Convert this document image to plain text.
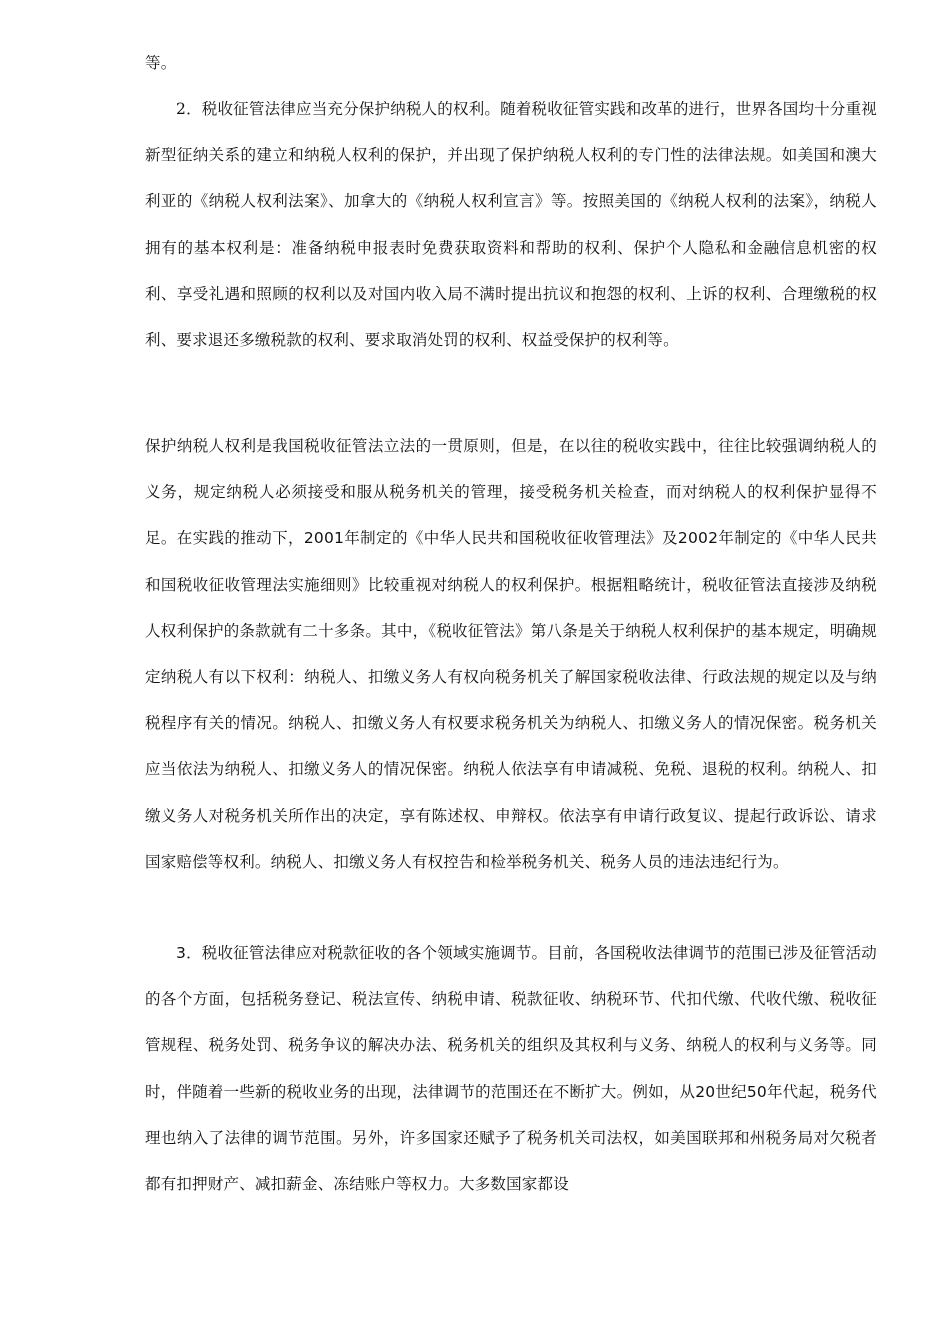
等。

2．税收征管法律应当充分保护纳税人的权利。随着税收征管实践和改革的进行，世界各国均十分重视新型征纳关系的建立和纳税人权利的保护，并出现了保护纳税人权利的专门性的法律法规。如美国和澳大利亚的《纳税人权利法案》、加拿大的《纳税人权利宣言》等。按照美国的《纳税人权利的法案》，纳税人拥有的基本权利是：准备纳税申报表时免费获取资料和帮助的权利、保护个人隐私和金融信息机密的权利、享受礼遇和照顾的权利以及对国内收入局不满时提出抗议和抱怨的权利、上诉的权利、合理缴税的权利、要求退还多缴税款的权利、要求取消处罚的权利、权益受保护的权利等。

保护纳税人权利是我国税收征管法立法的一贯原则，但是，在以往的税收实践中，往往比较强调纳税人的义务，规定纳税人必须接受和服从税务机关的管理，接受税务机关检查，而对纳税人的权利保护显得不足。在实践的推动下，2001年制定的《中华人民共和国税收征收管理法》及2002年制定的《中华人民共和国税收征收管理法实施细则》比较重视对纳税人的权利保护。根据粗略统计，税收征管法直接涉及纳税人权利保护的条款就有二十多条。其中，《税收征管法》第八条是关于纳税人权利保护的基本规定，明确规定纳税人有以下权利：纳税人、扣缴义务人有权向税务机关了解国家税收法律、行政法规的规定以及与纳税程序有关的情况。纳税人、扣缴义务人有权要求税务机关为纳税人、扣缴义务人的情况保密。税务机关应当依法为纳税人、扣缴义务人的情况保密。纳税人依法享有申请减税、免税、退税的权利。纳税人、扣缴义务人对税务机关所作出的决定，享有陈述权、申辩权。依法享有申请行政复议、提起行政诉讼、请求国家赔偿等权利。纳税人、扣缴义务人有权控告和检举税务机关、税务人员的违法违纪行为。

3．税收征管法律应对税款征收的各个领域实施调节。目前，各国税收法律调节的范围已涉及征管活动的各个方面，包括税务登记、税法宣传、纳税申请、税款征收、纳税环节、代扣代缴、代收代缴、税收征管规程、税务处罚、税务争议的解决办法、税务机关的组织及其权利与义务、纳税人的权利与义务等。同时，伴随着一些新的税收业务的出现，法律调节的范围还在不断扩大。例如，从20世纪50年代起，税务代理也纳入了法律的调节范围。另外，许多国家还赋予了税务机关司法权，如美国联邦和州税务局对欠税者都有扣押财产、减扣薪金、冻结账户等权力。大多数国家都设
